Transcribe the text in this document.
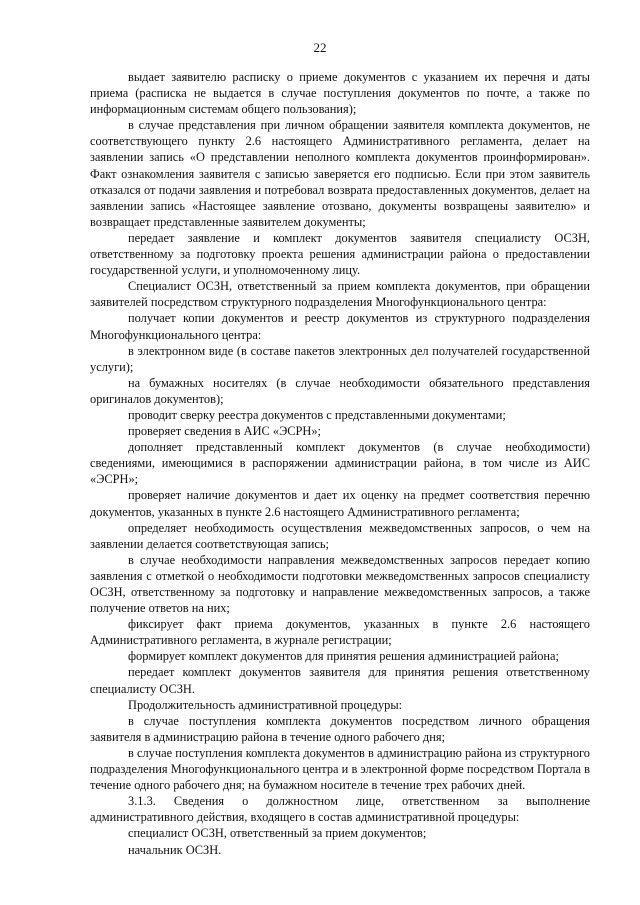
22

выдает заявителю расписку о приеме документов с указанием их перечня и даты приема (расписка не выдается в случае поступления документов по почте, а также по информационным системам общего пользования);

в случае представления при личном обращении заявителя комплекта документов, не соответствующего пункту 2.6 настоящего Административного регламента, делает на заявлении запись «О представлении неполного комплекта документов проинформирован». Факт ознакомления заявителя с записью заверяется его подписью. Если при этом заявитель отказался от подачи заявления и потребовал возврата предоставленных документов, делает на заявлении запись «Настоящее заявление отозвано, документы возвращены заявителю» и возвращает представленные заявителем документы;

передает заявление и комплект документов заявителя специалисту ОСЗН, ответственному за подготовку проекта решения администрации района о предоставлении государственной услуги, и уполномоченному лицу.

Специалист ОСЗН, ответственный за прием комплекта документов, при обращении заявителей посредством структурного подразделения Многофункционального центра:

получает копии документов и реестр документов из структурного подразделения Многофункционального центра:

в электронном виде (в составе пакетов электронных дел получателей государственной услуги);

на бумажных носителях (в случае необходимости обязательного представления оригиналов документов);

проводит сверку реестра документов с представленными документами;

проверяет сведения в АИС «ЭСРН»;

дополняет представленный комплект документов (в случае необходимости) сведениями, имеющимися в распоряжении администрации района, в том числе из АИС «ЭСРН»;

проверяет наличие документов и дает их оценку на предмет соответствия перечню документов, указанных в пункте 2.6 настоящего Административного регламента;

определяет необходимость осуществления межведомственных запросов, о чем на заявлении делается соответствующая запись;

в случае необходимости направления межведомственных запросов передает копию заявления с отметкой о необходимости подготовки межведомственных запросов специалисту ОСЗН, ответственному за подготовку и направление межведомственных запросов, а также получение ответов на них;

фиксирует факт приема документов, указанных в пункте 2.6 настоящего Административного регламента, в журнале регистрации;

формирует комплект документов для принятия решения администрацией района;

передает комплект документов заявителя для принятия решения ответственному специалисту ОСЗН.

Продолжительность административной процедуры:

в случае поступления комплекта документов посредством личного обращения заявителя в администрацию района в течение одного рабочего дня;

в случае поступления комплекта документов в администрацию района из структурного подразделения Многофункционального центра и в электронной форме посредством Портала в течение одного рабочего дня; на бумажном носителе в течение трех рабочих дней.

3.1.3. Сведения о должностном лице, ответственном за выполнение административного действия, входящего в состав административной процедуры:

специалист ОСЗН, ответственный за прием документов;

начальник ОСЗН.
